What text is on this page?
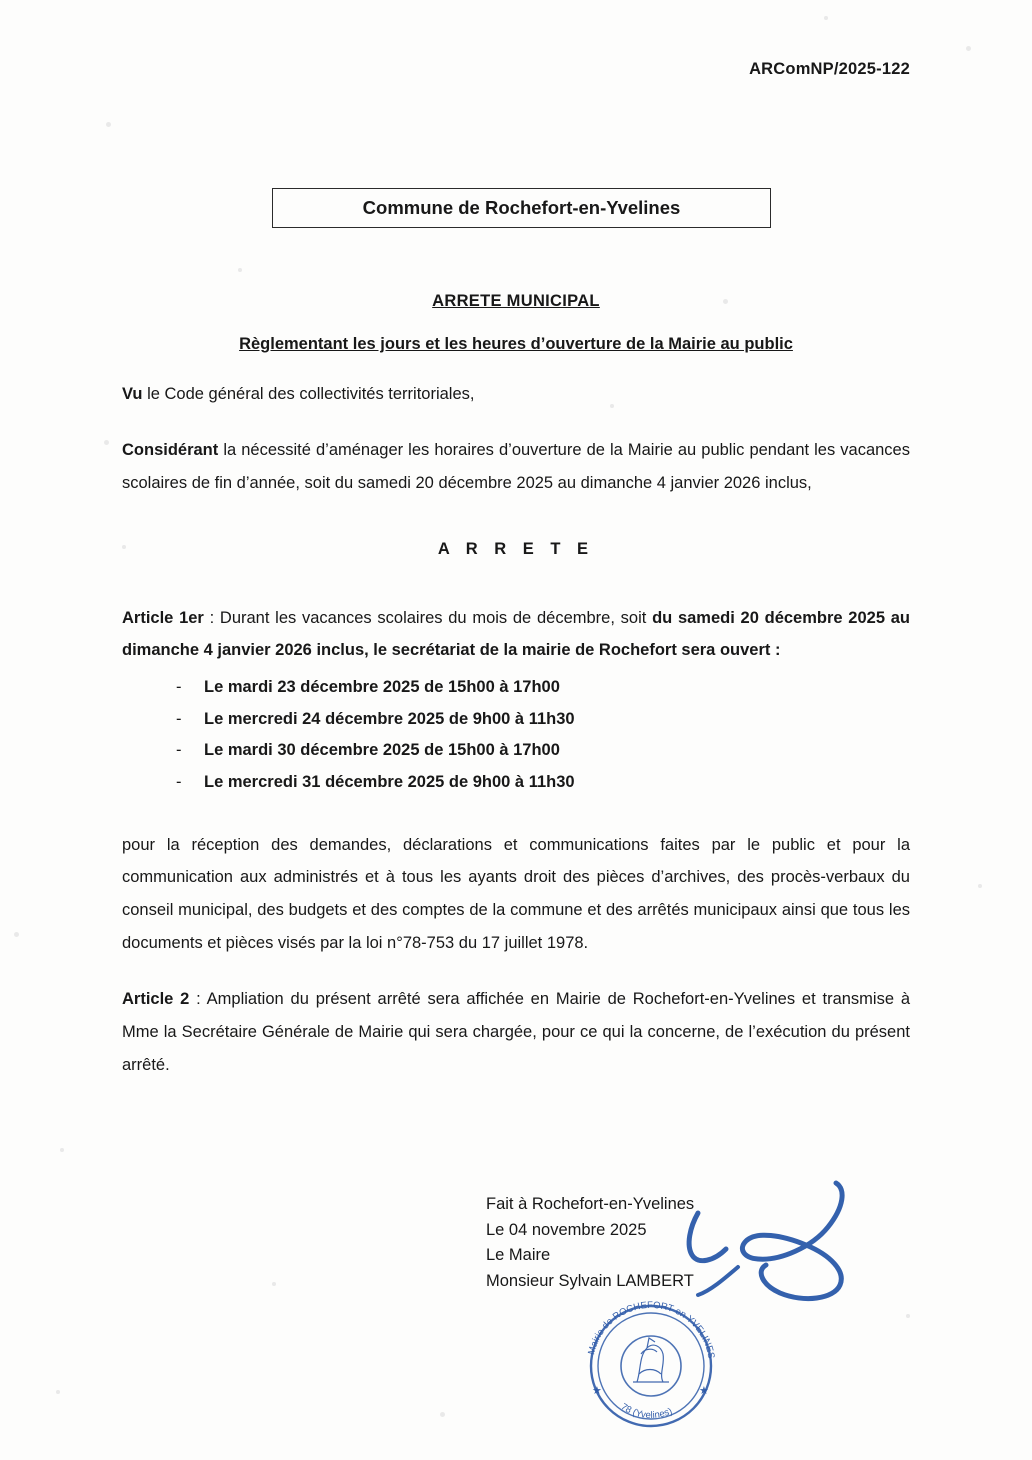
ARComNP/2025-122
Commune de Rochefort-en-Yvelines
ARRETE MUNICIPAL
Règlementant les jours et les heures d’ouverture de la Mairie au public

Vu le Code général des collectivités territoriales,

Considérant la nécessité d’aménager les horaires d’ouverture de la Mairie au public pendant les vacances scolaires de fin d’année, soit du samedi 20 décembre 2025 au dimanche 4 janvier 2026 inclus,

A R R E T E
Article 1er : Durant les vacances scolaires du mois de décembre, soit du samedi 20 décembre 2025 au dimanche 4 janvier 2026 inclus, le secrétariat de la mairie de Rochefort sera ouvert :
- Le mardi 23 décembre 2025 de 15h00 à 17h00
- Le mercredi 24 décembre 2025 de 9h00 à 11h30
- Le mardi 30 décembre 2025 de 15h00 à 17h00
- Le mercredi 31 décembre 2025 de 9h00 à 11h30

pour la réception des demandes, déclarations et communications faites par le public et pour la communication aux administrés et à tous les ayants droit des pièces d’archives, des procès-verbaux du conseil municipal, des budgets et des comptes de la commune et des arrêtés municipaux ainsi que tous les documents et pièces visés par la loi n°78-753 du 17 juillet 1978.

Article 2 : Ampliation du présent arrêté sera affichée en Mairie de Rochefort-en-Yvelines et transmise à Mme la Secrétaire Générale de Mairie qui sera chargée, pour ce qui la concerne, de l’exécution du présent arrêté.

Fait à Rochefort-en-Yvelines
Le 04 novembre 2025
Le Maire
Monsieur Sylvain LAMBERT
Mairie de ROCHEFORT en YVELINES
78 (Yvelines)
★	★
